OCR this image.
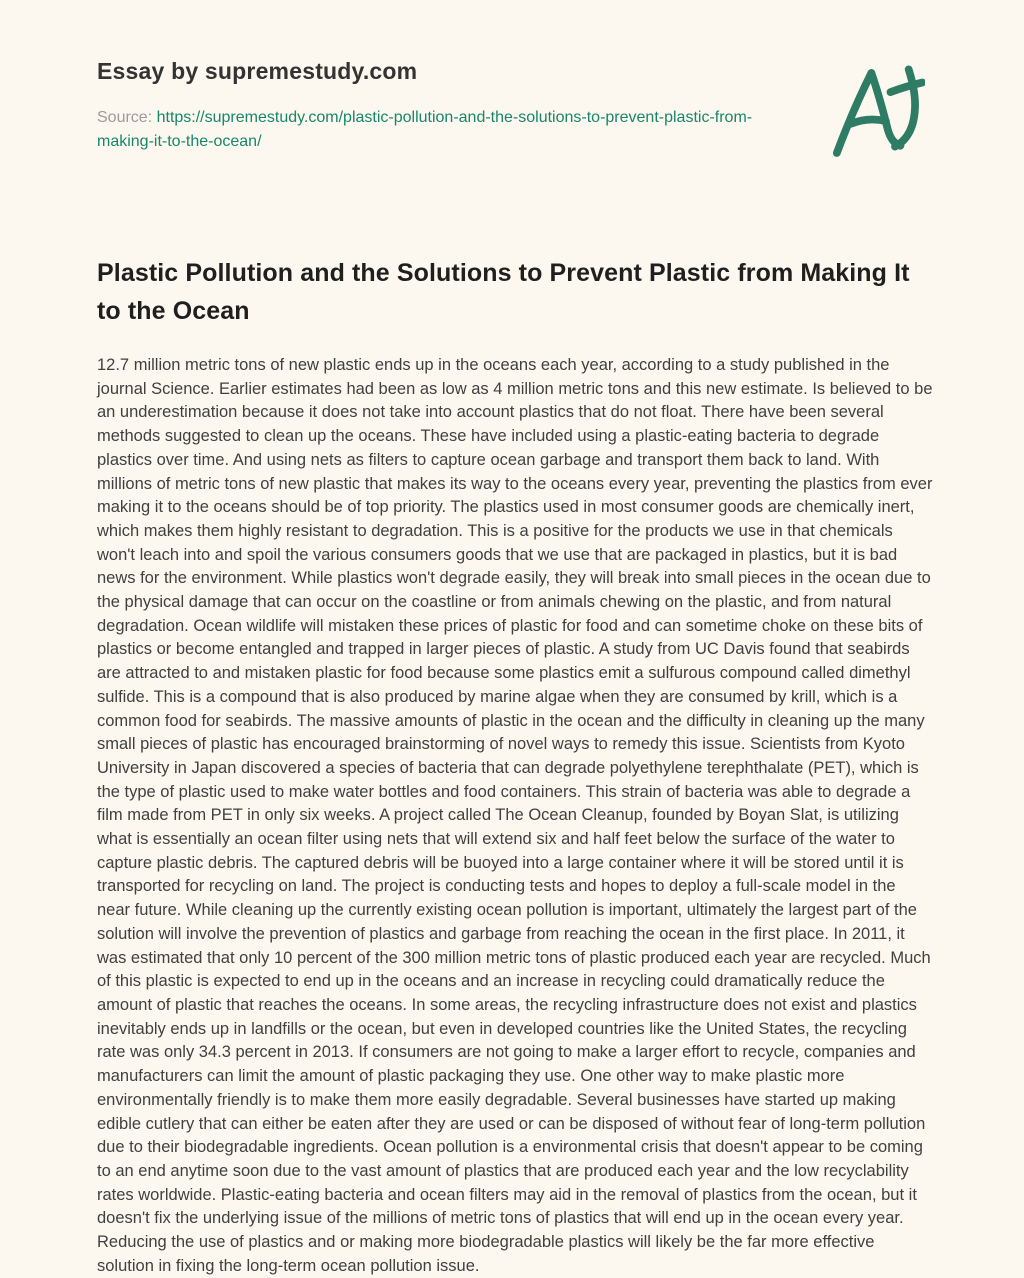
Essay by supremestudy.com

Source: https://supremestudy.com/plastic-pollution-and-the-solutions-to-prevent-plastic-from-making-it-to-the-ocean/

Plastic Pollution and the Solutions to Prevent Plastic from Making It to the Ocean

12.7 million metric tons of new plastic ends up in the oceans each year, according to a study published in the journal Science. Earlier estimates had been as low as 4 million metric tons and this new estimate. Is believed to be an underestimation because it does not take into account plastics that do not float. There have been several methods suggested to clean up the oceans. These have included using a plastic-eating bacteria to degrade plastics over time. And using nets as filters to capture ocean garbage and transport them back to land. With millions of metric tons of new plastic that makes its way to the oceans every year, preventing the plastics from ever making it to the oceans should be of top priority. The plastics used in most consumer goods are chemically inert, which makes them highly resistant to degradation. This is a positive for the products we use in that chemicals won't leach into and spoil the various consumers goods that we use that are packaged in plastics, but it is bad news for the environment. While plastics won't degrade easily, they will break into small pieces in the ocean due to the physical damage that can occur on the coastline or from animals chewing on the plastic, and from natural degradation. Ocean wildlife will mistaken these prices of plastic for food and can sometime choke on these bits of plastics or become entangled and trapped in larger pieces of plastic. A study from UC Davis found that seabirds are attracted to and mistaken plastic for food because some plastics emit a sulfurous compound called dimethyl sulfide. This is a compound that is also produced by marine algae when they are consumed by krill, which is a common food for seabirds. The massive amounts of plastic in the ocean and the difficulty in cleaning up the many small pieces of plastic has encouraged brainstorming of novel ways to remedy this issue. Scientists from Kyoto University in Japan discovered a species of bacteria that can degrade polyethylene terephthalate (PET), which is the type of plastic used to make water bottles and food containers. This strain of bacteria was able to degrade a film made from PET in only six weeks. A project called The Ocean Cleanup, founded by Boyan Slat, is utilizing what is essentially an ocean filter using nets that will extend six and half feet below the surface of the water to capture plastic debris. The captured debris will be buoyed into a large container where it will be stored until it is transported for recycling on land. The project is conducting tests and hopes to deploy a full-scale model in the near future. While cleaning up the currently existing ocean pollution is important, ultimately the largest part of the solution will involve the prevention of plastics and garbage from reaching the ocean in the first place. In 2011, it was estimated that only 10 percent of the 300 million metric tons of plastic produced each year are recycled. Much of this plastic is expected to end up in the oceans and an increase in recycling could dramatically reduce the amount of plastic that reaches the oceans. In some areas, the recycling infrastructure does not exist and plastics inevitably ends up in landfills or the ocean, but even in developed countries like the United States, the recycling rate was only 34.3 percent in 2013. If consumers are not going to make a larger effort to recycle, companies and manufacturers can limit the amount of plastic packaging they use. One other way to make plastic more environmentally friendly is to make them more easily degradable. Several businesses have started up making edible cutlery that can either be eaten after they are used or can be disposed of without fear of long-term pollution due to their biodegradable ingredients. Ocean pollution is a environmental crisis that doesn't appear to be coming to an end anytime soon due to the vast amount of plastics that are produced each year and the low recyclability rates worldwide. Plastic-eating bacteria and ocean filters may aid in the removal of plastics from the ocean, but it doesn't fix the underlying issue of the millions of metric tons of plastics that will end up in the ocean every year. Reducing the use of plastics and or making more biodegradable plastics will likely be the far more effective solution in fixing the long-term ocean pollution issue.
